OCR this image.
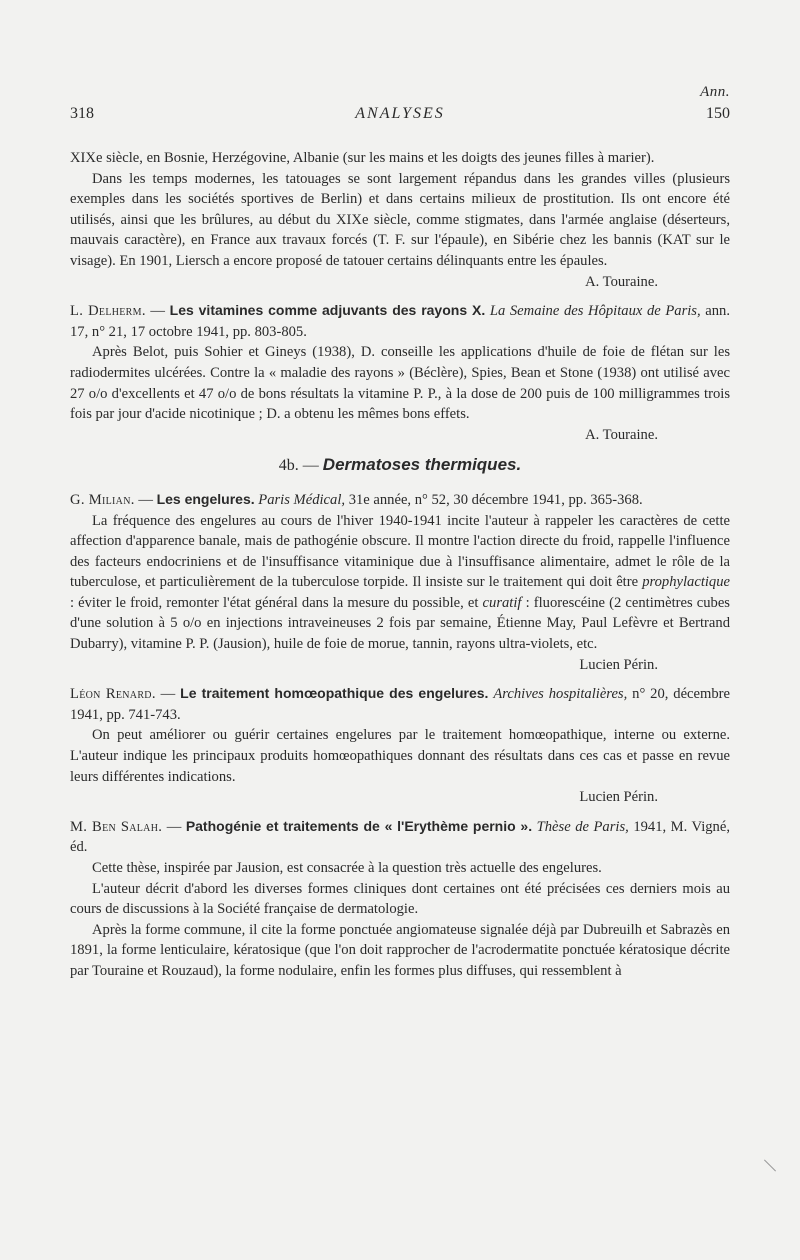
Ann.
318	ANALYSES	150

XIXe siècle, en Bosnie, Herzégovine, Albanie (sur les mains et les doigts des jeunes filles à marier).

Dans les temps modernes, les tatouages se sont largement répandus dans les grandes villes (plusieurs exemples dans les sociétés sportives de Berlin) et dans certains milieux de prostitution. Ils ont encore été utilisés, ainsi que les brûlures, au début du XIXe siècle, comme stigmates, dans l'armée anglaise (déserteurs, mauvais caractère), en France aux travaux forcés (T. F. sur l'épaule), en Sibérie chez les bannis (KAT sur le visage). En 1901, Liersch a encore proposé de tatouer certains délinquants entre les épaules.

A. Touraine.

L. Delherm. — Les vitamines comme adjuvants des rayons X. La Semaine des Hôpitaux de Paris, ann. 17, n° 21, 17 octobre 1941, pp. 803-805.

Après Belot, puis Sohier et Gineys (1938), D. conseille les applications d'huile de foie de flétan sur les radiodermites ulcérées. Contre la « maladie des rayons » (Béclère), Spies, Bean et Stone (1938) ont utilisé avec 27 o/o d'excellents et 47 o/o de bons résultats la vitamine P. P., à la dose de 200 puis de 100 milligrammes trois fois par jour d'acide nicotinique ; D. a obtenu les mêmes bons effets.

A. Touraine.

4b. — Dermatoses thermiques.

G. Milian. — Les engelures. Paris Médical, 31e année, n° 52, 30 décembre 1941, pp. 365-368.

La fréquence des engelures au cours de l'hiver 1940-1941 incite l'auteur à rappeler les caractères de cette affection d'apparence banale, mais de pathogénie obscure. Il montre l'action directe du froid, rappelle l'influence des facteurs endocriniens et de l'insuffisance vitaminique due à l'insuffisance alimentaire, admet le rôle de la tuberculose, et particulièrement de la tuberculose torpide. Il insiste sur le traitement qui doit être prophylactique : éviter le froid, remonter l'état général dans la mesure du possible, et curatif : fluorescéine (2 centimètres cubes d'une solution à 5 o/o en injections intraveineuses 2 fois par semaine, Étienne May, Paul Lefèvre et Bertrand Dubarry), vitamine P. P. (Jausion), huile de foie de morue, tannin, rayons ultra-violets, etc.

Lucien Périn.

Léon Renard. — Le traitement homœopathique des engelures. Archives hospitalières, n° 20, décembre 1941, pp. 741-743.

On peut améliorer ou guérir certaines engelures par le traitement homœopathique, interne ou externe. L'auteur indique les principaux produits homœopathiques donnant des résultats dans ces cas et passe en revue leurs différentes indications.

Lucien Périn.

M. Ben Salah. — Pathogénie et traitements de « l'Erythème pernio ». Thèse de Paris, 1941, M. Vigné, éd.

Cette thèse, inspirée par Jausion, est consacrée à la question très actuelle des engelures.

L'auteur décrit d'abord les diverses formes cliniques dont certaines ont été précisées ces derniers mois au cours de discussions à la Société française de dermatologie.

Après la forme commune, il cite la forme ponctuée angiomateuse signalée déjà par Dubreuilh et Sabrazès en 1891, la forme lenticulaire, kératosique (que l'on doit rapprocher de l'acrodermatite ponctuée kératosique décrite par Touraine et Rouzaud), la forme nodulaire, enfin les formes plus diffuses, qui ressemblent à
